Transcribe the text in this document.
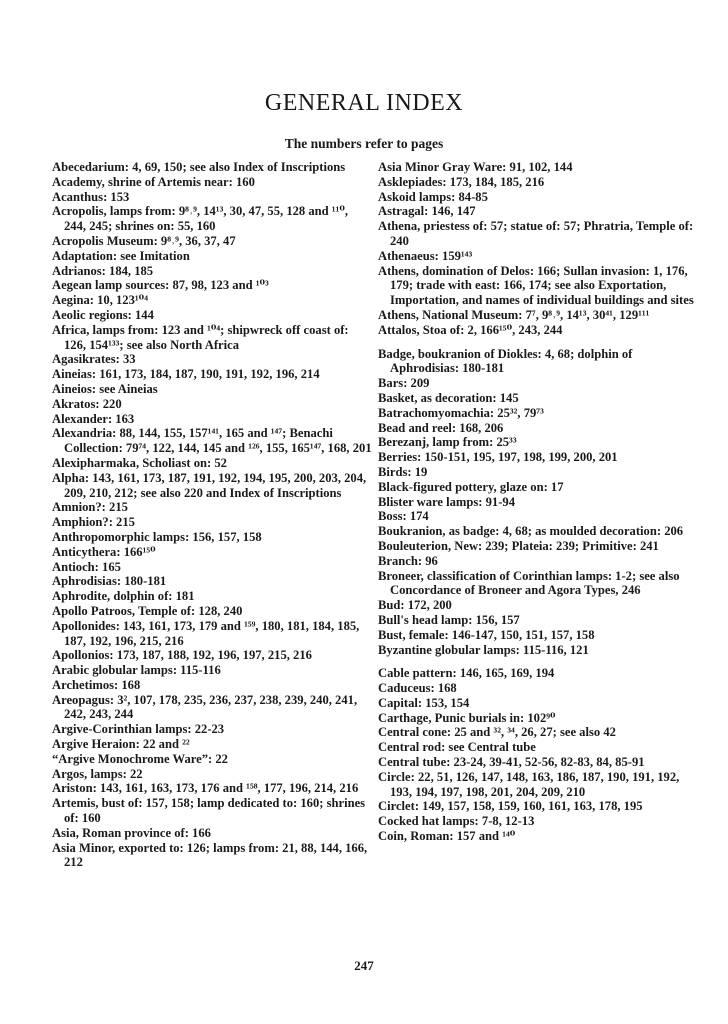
GENERAL INDEX
The numbers refer to pages

Abecedarium: 4, 69, 150; see also Index of Inscriptions

Academy, shrine of Artemis near: 160

Acanthus: 153

Acropolis, lamps from: 9⁸˒⁹, 14¹³, 30, 47, 55, 128 and ¹¹⁰, 244, 245; shrines on: 55, 160

Acropolis Museum: 9⁸˒⁹, 36, 37, 47

Adaptation: see Imitation

Adrianos: 184, 185

Aegean lamp sources: 87, 98, 123 and ¹⁰³

Aegina: 10, 123¹⁰⁴

Aeolic regions: 144

Africa, lamps from: 123 and ¹⁰⁴; shipwreck off coast of: 126, 154¹³³; see also North Africa

Agasikrates: 33

Aineias: 161, 173, 184, 187, 190, 191, 192, 196, 214

Aineios: see Aineias

Akratos: 220

Alexander: 163

Alexandria: 88, 144, 155, 157¹⁴¹, 165 and ¹⁴⁷; Benachi Collection: 79⁷⁴, 122, 144, 145 and ¹²⁶, 155, 165¹⁴⁷, 168, 201

Alexipharmaka, Scholiast on: 52

Alpha: 143, 161, 173, 187, 191, 192, 194, 195, 200, 203, 204, 209, 210, 212; see also 220 and Index of Inscriptions

Amnion?: 215

Amphion?: 215

Anthropomorphic lamps: 156, 157, 158

Anticythera: 166¹⁵⁰

Antioch: 165

Aphrodisias: 180-181

Aphrodite, dolphin of: 181

Apollo Patroos, Temple of: 128, 240

Apollonides: 143, 161, 173, 179 and ¹⁵⁹, 180, 181, 184, 185, 187, 192, 196, 215, 216

Apollonios: 173, 187, 188, 192, 196, 197, 215, 216

Arabic globular lamps: 115-116

Archetimos: 168

Areopagus: 3², 107, 178, 235, 236, 237, 238, 239, 240, 241, 242, 243, 244

Argive-Corinthian lamps: 22-23

Argive Heraion: 22 and ²²

“Argive Monochrome Ware”: 22

Argos, lamps: 22

Ariston: 143, 161, 163, 173, 176 and ¹⁵⁸, 177, 196, 214, 216

Artemis, bust of: 157, 158; lamp dedicated to: 160; shrines of: 160

Asia, Roman province of: 166

Asia Minor, exported to: 126; lamps from: 21, 88, 144, 166, 212

Asia Minor Gray Ware: 91, 102, 144

Asklepiades: 173, 184, 185, 216

Askoid lamps: 84-85

Astragal: 146, 147

Athena, priestess of: 57; statue of: 57; Phratria, Temple of: 240

Athenaeus: 159¹⁴³

Athens, domination of Delos: 166; Sullan invasion: 1, 176, 179; trade with east: 166, 174; see also Exportation, Importation, and names of individual buildings and sites

Athens, National Museum: 7⁷, 9⁸˒⁹, 14¹³, 30⁴¹, 129¹¹¹

Attalos, Stoa of: 2, 166¹⁵⁰, 243, 244

Badge, boukranion of Diokles: 4, 68; dolphin of Aphrodisias: 180-181

Bars: 209

Basket, as decoration: 145

Batrachomyomachia: 25³², 79⁷³

Bead and reel: 168, 206

Berezanj, lamp from: 25³³

Berries: 150-151, 195, 197, 198, 199, 200, 201

Birds: 19

Black-figured pottery, glaze on: 17

Blister ware lamps: 91-94

Boss: 174

Boukranion, as badge: 4, 68; as moulded decoration: 206

Bouleuterion, New: 239; Plateia: 239; Primitive: 241

Branch: 96

Broneer, classification of Corinthian lamps: 1-2; see also Concordance of Broneer and Agora Types, 246

Bud: 172, 200

Bull's head lamp: 156, 157

Bust, female: 146-147, 150, 151, 157, 158

Byzantine globular lamps: 115-116, 121

Cable pattern: 146, 165, 169, 194

Caduceus: 168

Capital: 153, 154

Carthage, Punic burials in: 102⁹⁰

Central cone: 25 and ³², ³⁴, 26, 27; see also 42

Central rod: see Central tube

Central tube: 23-24, 39-41, 52-56, 82-83, 84, 85-91

Circle: 22, 51, 126, 147, 148, 163, 186, 187, 190, 191, 192, 193, 194, 197, 198, 201, 204, 209, 210

Circlet: 149, 157, 158, 159, 160, 161, 163, 178, 195

Cocked hat lamps: 7-8, 12-13

Coin, Roman: 157 and ¹⁴⁰

247
